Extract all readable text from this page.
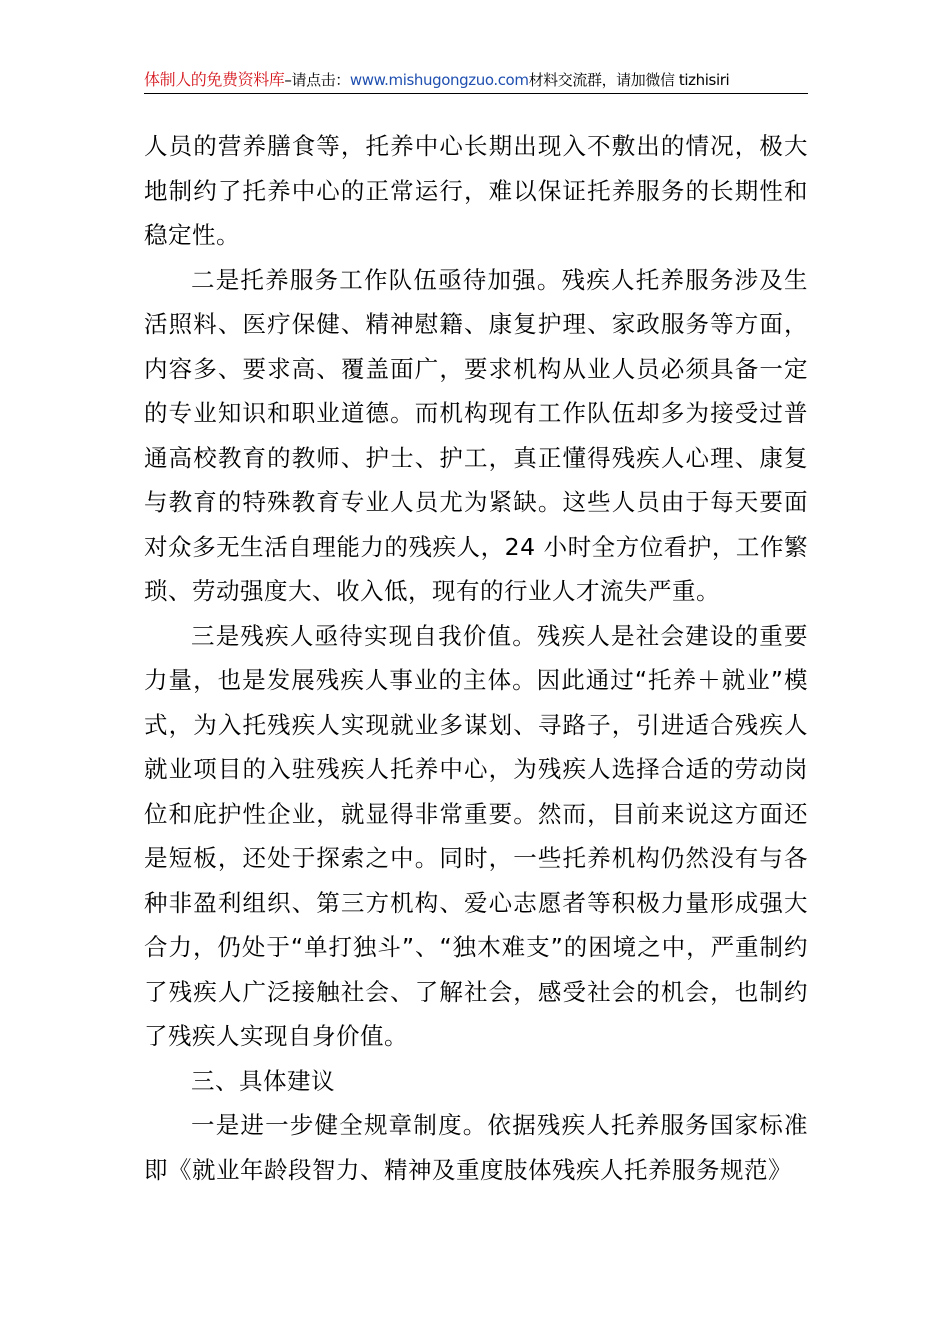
体制人的免费资料库–请点击：www.mishugongzuo.com材料交流群，请加微信 tizhisiri

人员的营养膳食等，托养中心长期出现入不敷出的情况，极大地制约了托养中心的正常运行，难以保证托养服务的长期性和稳定性。

二是托养服务工作队伍亟待加强。残疾人托养服务涉及生活照料、医疗保健、精神慰籍、康复护理、家政服务等方面，内容多、要求高、覆盖面广，要求机构从业人员必须具备一定的专业知识和职业道德。而机构现有工作队伍却多为接受过普通高校教育的教师、护士、护工，真正懂得残疾人心理、康复与教育的特殊教育专业人员尤为紧缺。这些人员由于每天要面对众多无生活自理能力的残疾人，24 小时全方位看护，工作繁琐、劳动强度大、收入低，现有的行业人才流失严重。

三是残疾人亟待实现自我价值。残疾人是社会建设的重要力量，也是发展残疾人事业的主体。因此通过“托养＋就业”模式，为入托残疾人实现就业多谋划、寻路子，引进适合残疾人就业项目的入驻残疾人托养中心，为残疾人选择合适的劳动岗位和庇护性企业，就显得非常重要。然而，目前来说这方面还是短板，还处于探索之中。同时，一些托养机构仍然没有与各种非盈利组织、第三方机构、爱心志愿者等积极力量形成强大合力，仍处于“单打独斗”、“独木难支”的困境之中，严重制约了残疾人广泛接触社会、了解社会，感受社会的机会，也制约了残疾人实现自身价值。

三、具体建议

一是进一步健全规章制度。依据残疾人托养服务国家标准即《就业年龄段智力、精神及重度肢体残疾人托养服务规范》
